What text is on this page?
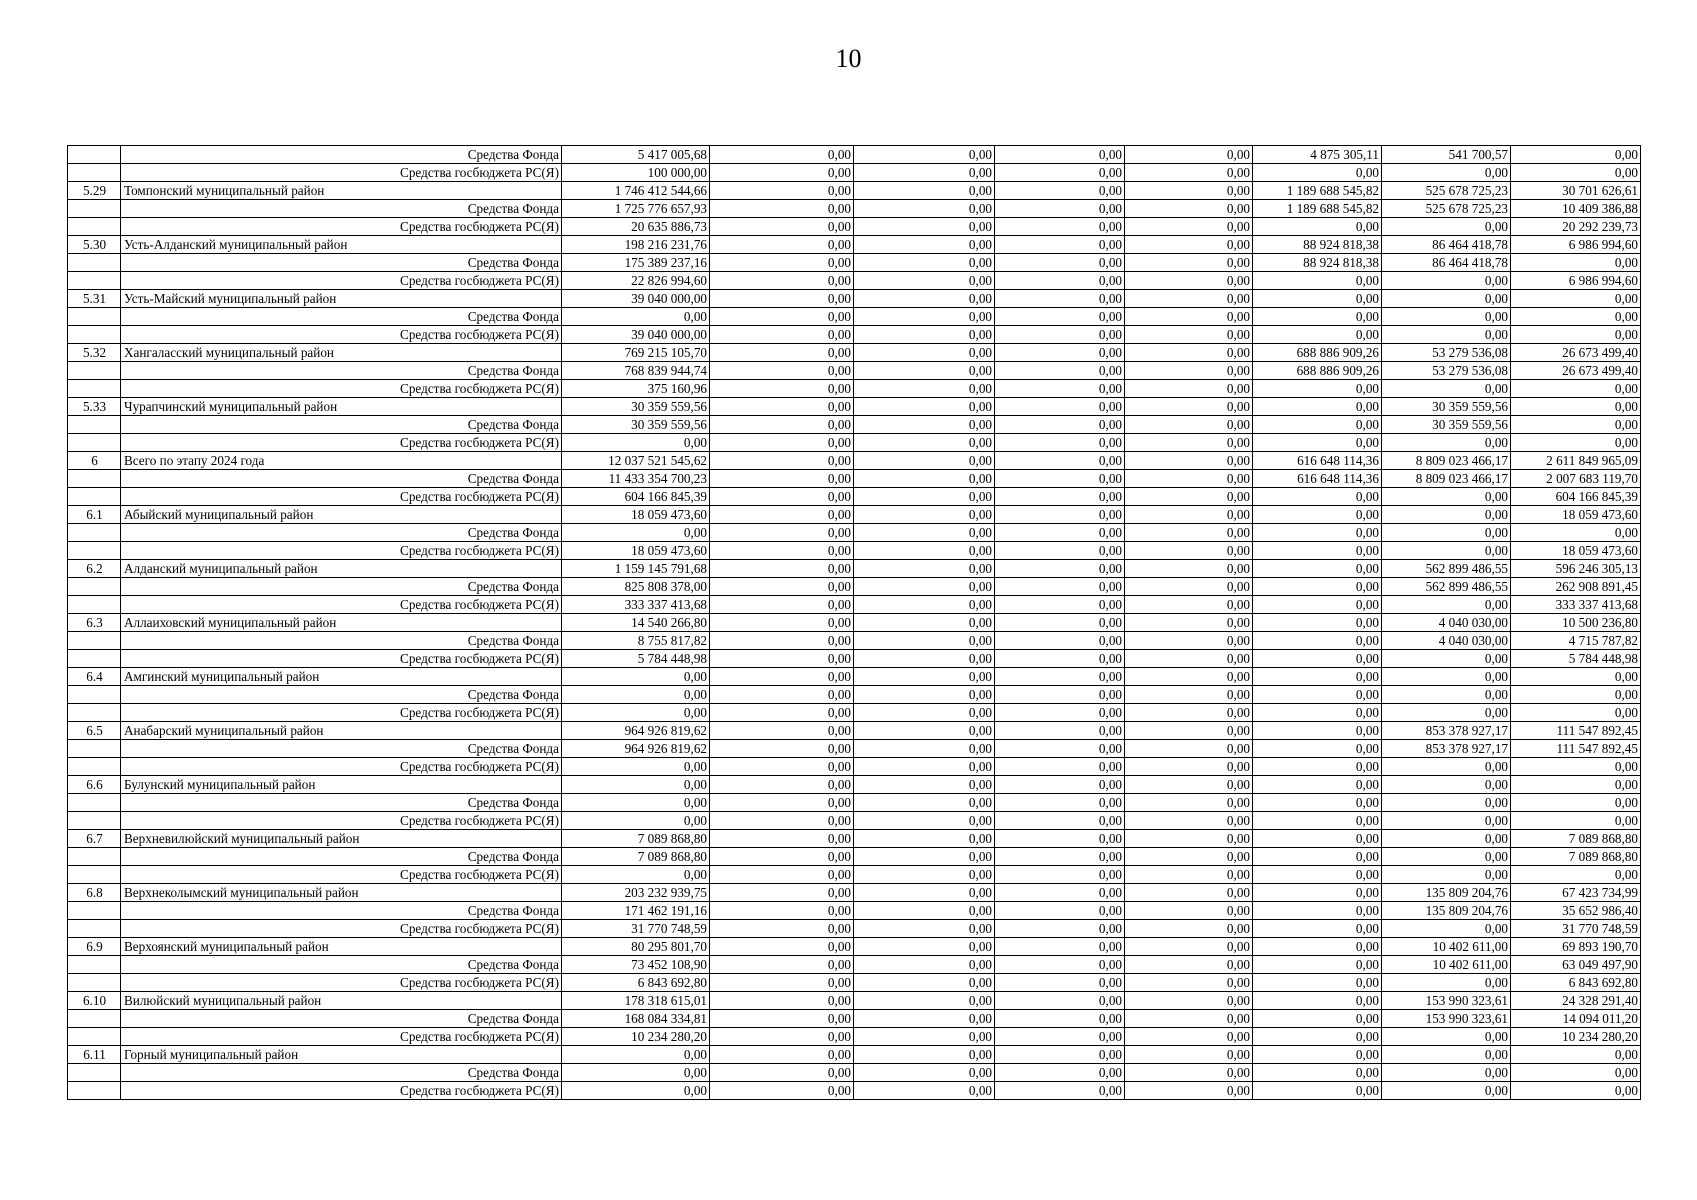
10
	Средства Фонда	5 417 005,68	0,00	0,00	0,00	0,00	4 875 305,11	541 700,57	0,00
	Средства госбюджета РС(Я)	100 000,00	0,00	0,00	0,00	0,00	0,00	0,00	0,00
5.29	Томпонский муниципальный район	1 746 412 544,66	0,00	0,00	0,00	0,00	1 189 688 545,82	525 678 725,23	30 701 626,61
	Средства Фонда	1 725 776 657,93	0,00	0,00	0,00	0,00	1 189 688 545,82	525 678 725,23	10 409 386,88
	Средства госбюджета РС(Я)	20 635 886,73	0,00	0,00	0,00	0,00	0,00	0,00	20 292 239,73
5.30	Усть-Алданский муниципальный район	198 216 231,76	0,00	0,00	0,00	0,00	88 924 818,38	86 464 418,78	6 986 994,60
	Средства Фонда	175 389 237,16	0,00	0,00	0,00	0,00	88 924 818,38	86 464 418,78	0,00
	Средства госбюджета РС(Я)	22 826 994,60	0,00	0,00	0,00	0,00	0,00	0,00	6 986 994,60
5.31	Усть-Майский муниципальный район	39 040 000,00	0,00	0,00	0,00	0,00	0,00	0,00	0,00
	Средства Фонда	0,00	0,00	0,00	0,00	0,00	0,00	0,00	0,00
	Средства госбюджета РС(Я)	39 040 000,00	0,00	0,00	0,00	0,00	0,00	0,00	0,00
5.32	Хангаласский муниципальный район	769 215 105,70	0,00	0,00	0,00	0,00	688 886 909,26	53 279 536,08	26 673 499,40
	Средства Фонда	768 839 944,74	0,00	0,00	0,00	0,00	688 886 909,26	53 279 536,08	26 673 499,40
	Средства госбюджета РС(Я)	375 160,96	0,00	0,00	0,00	0,00	0,00	0,00	0,00
5.33	Чурапчинский муниципальный район	30 359 559,56	0,00	0,00	0,00	0,00	0,00	30 359 559,56	0,00
	Средства Фонда	30 359 559,56	0,00	0,00	0,00	0,00	0,00	30 359 559,56	0,00
	Средства госбюджета РС(Я)	0,00	0,00	0,00	0,00	0,00	0,00	0,00	0,00
6	Всего по этапу 2024 года	12 037 521 545,62	0,00	0,00	0,00	0,00	616 648 114,36	8 809 023 466,17	2 611 849 965,09
	Средства Фонда	11 433 354 700,23	0,00	0,00	0,00	0,00	616 648 114,36	8 809 023 466,17	2 007 683 119,70
	Средства госбюджета РС(Я)	604 166 845,39	0,00	0,00	0,00	0,00	0,00	0,00	604 166 845,39
6.1	Абыйский муниципальный район	18 059 473,60	0,00	0,00	0,00	0,00	0,00	0,00	18 059 473,60
	Средства Фонда	0,00	0,00	0,00	0,00	0,00	0,00	0,00	0,00
	Средства госбюджета РС(Я)	18 059 473,60	0,00	0,00	0,00	0,00	0,00	0,00	18 059 473,60
6.2	Алданский муниципальный район	1 159 145 791,68	0,00	0,00	0,00	0,00	0,00	562 899 486,55	596 246 305,13
	Средства Фонда	825 808 378,00	0,00	0,00	0,00	0,00	0,00	562 899 486,55	262 908 891,45
	Средства госбюджета РС(Я)	333 337 413,68	0,00	0,00	0,00	0,00	0,00	0,00	333 337 413,68
6.3	Аллаиховский муниципальный район	14 540 266,80	0,00	0,00	0,00	0,00	0,00	4 040 030,00	10 500 236,80
	Средства Фонда	8 755 817,82	0,00	0,00	0,00	0,00	0,00	4 040 030,00	4 715 787,82
	Средства госбюджета РС(Я)	5 784 448,98	0,00	0,00	0,00	0,00	0,00	0,00	5 784 448,98
6.4	Амгинский муниципальный район	0,00	0,00	0,00	0,00	0,00	0,00	0,00	0,00
	Средства Фонда	0,00	0,00	0,00	0,00	0,00	0,00	0,00	0,00
	Средства госбюджета РС(Я)	0,00	0,00	0,00	0,00	0,00	0,00	0,00	0,00
6.5	Анабарский муниципальный район	964 926 819,62	0,00	0,00	0,00	0,00	0,00	853 378 927,17	111 547 892,45
	Средства Фонда	964 926 819,62	0,00	0,00	0,00	0,00	0,00	853 378 927,17	111 547 892,45
	Средства госбюджета РС(Я)	0,00	0,00	0,00	0,00	0,00	0,00	0,00	0,00
6.6	Булунский муниципальный район	0,00	0,00	0,00	0,00	0,00	0,00	0,00	0,00
	Средства Фонда	0,00	0,00	0,00	0,00	0,00	0,00	0,00	0,00
	Средства госбюджета РС(Я)	0,00	0,00	0,00	0,00	0,00	0,00	0,00	0,00
6.7	Верхневилюйский муниципальный район	7 089 868,80	0,00	0,00	0,00	0,00	0,00	0,00	7 089 868,80
	Средства Фонда	7 089 868,80	0,00	0,00	0,00	0,00	0,00	0,00	7 089 868,80
	Средства госбюджета РС(Я)	0,00	0,00	0,00	0,00	0,00	0,00	0,00	0,00
6.8	Верхнеколымский муниципальный район	203 232 939,75	0,00	0,00	0,00	0,00	0,00	135 809 204,76	67 423 734,99
	Средства Фонда	171 462 191,16	0,00	0,00	0,00	0,00	0,00	135 809 204,76	35 652 986,40
	Средства госбюджета РС(Я)	31 770 748,59	0,00	0,00	0,00	0,00	0,00	0,00	31 770 748,59
6.9	Верхоянский муниципальный район	80 295 801,70	0,00	0,00	0,00	0,00	0,00	10 402 611,00	69 893 190,70
	Средства Фонда	73 452 108,90	0,00	0,00	0,00	0,00	0,00	10 402 611,00	63 049 497,90
	Средства госбюджета РС(Я)	6 843 692,80	0,00	0,00	0,00	0,00	0,00	0,00	6 843 692,80
6.10	Вилюйский муниципальный район	178 318 615,01	0,00	0,00	0,00	0,00	0,00	153 990 323,61	24 328 291,40
	Средства Фонда	168 084 334,81	0,00	0,00	0,00	0,00	0,00	153 990 323,61	14 094 011,20
	Средства госбюджета РС(Я)	10 234 280,20	0,00	0,00	0,00	0,00	0,00	0,00	10 234 280,20
6.11	Горный муниципальный район	0,00	0,00	0,00	0,00	0,00	0,00	0,00	0,00
	Средства Фонда	0,00	0,00	0,00	0,00	0,00	0,00	0,00	0,00
	Средства госбюджета РС(Я)	0,00	0,00	0,00	0,00	0,00	0,00	0,00	0,00
